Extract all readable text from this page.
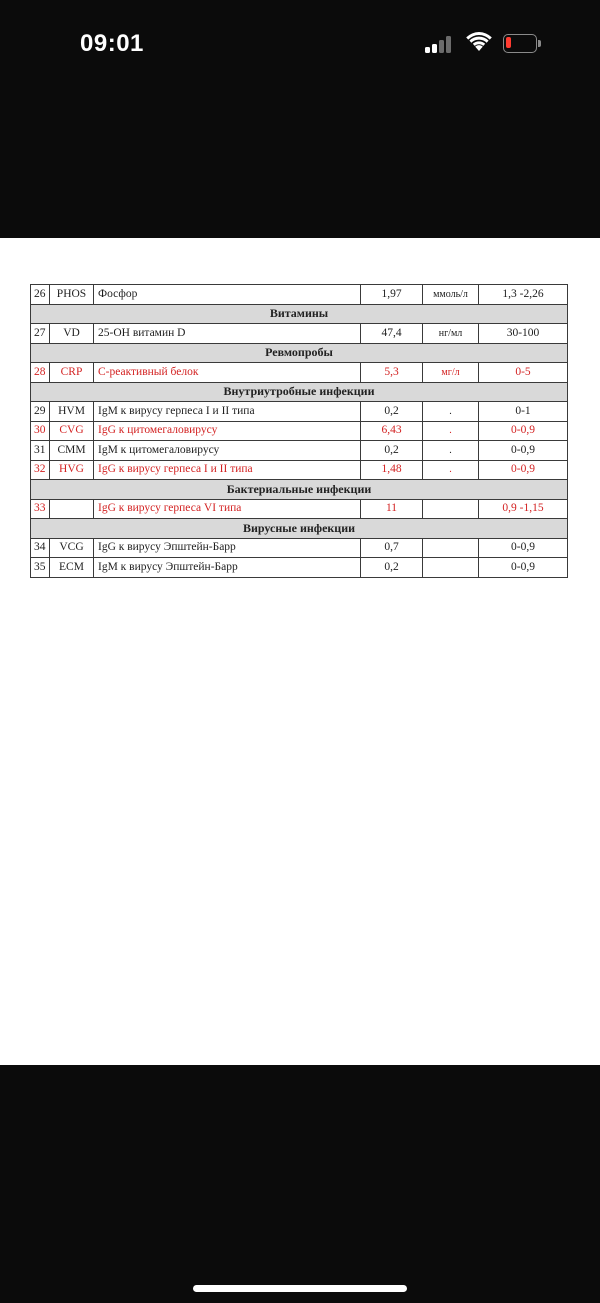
09:01
26	PHOS	Фосфор	1,97	ммоль/л	1,3 -2,26
Витамины					
27	VD	25-OH витамин D	47,4	нг/мл	30-100
Ревмопробы					
28	CRP	С-реактивный белок	5,3	мг/л	0-5
Внутриутробные инфекции					
29	HVM	IgM к вирусу герпеса I и II типа	0,2	.	0-1
30	CVG	IgG к цитомегаловирусу	6,43	.	0-0,9
31	CMM	IgM к цитомегаловирусу	0,2	.	0-0,9
32	HVG	IgG к вирусу герпеса I и II типа	1,48	.	0-0,9
Бактериальные инфекции					
33		IgG к вирусу герпеса VI типа	11		0,9 -1,15
Вирусные инфекции					
34	VCG	IgG к вирусу Эпштейн-Барр	0,7		0-0,9
35	ECM	IgM к вирусу Эпштейн-Барр	0,2		0-0,9
